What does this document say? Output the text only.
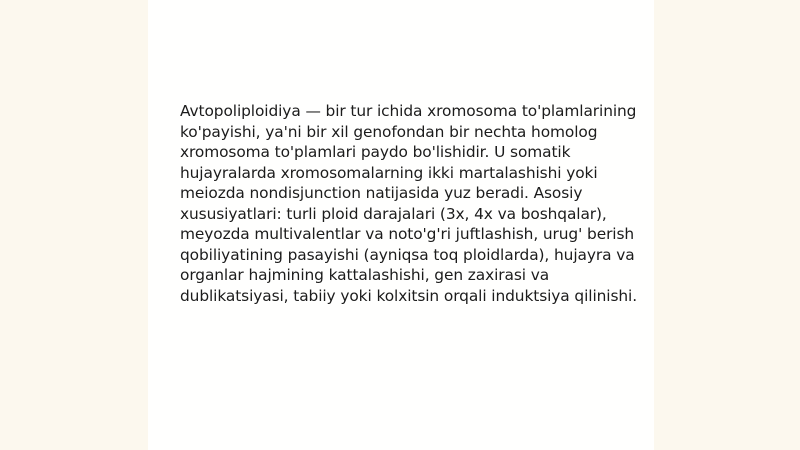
Avtopoliploidiya — bir tur ichida xromosoma to'plamlarining ko'payishi, ya'ni bir xil genofondan bir nechta homolog xromosoma to'plamlari paydo bo'lishidir. U somatik hujayralarda xromosomalarning ikki martalashishi yoki meiozda nondisjunction natijasida yuz beradi. Asosiy xususiyatlari: turli ploid darajalari (3x, 4x va boshqalar), meyozda multivalentlar va noto'g'ri juftlashish, urug' berish qobiliyatining pasayishi (ayniqsa toq ploidlarda), hujayra va organlar hajmining kattalashishi, gen zaxirasi va dublikatsiyasi, tabiiy yoki kolxitsin orqali induktsiya qilinishi.
